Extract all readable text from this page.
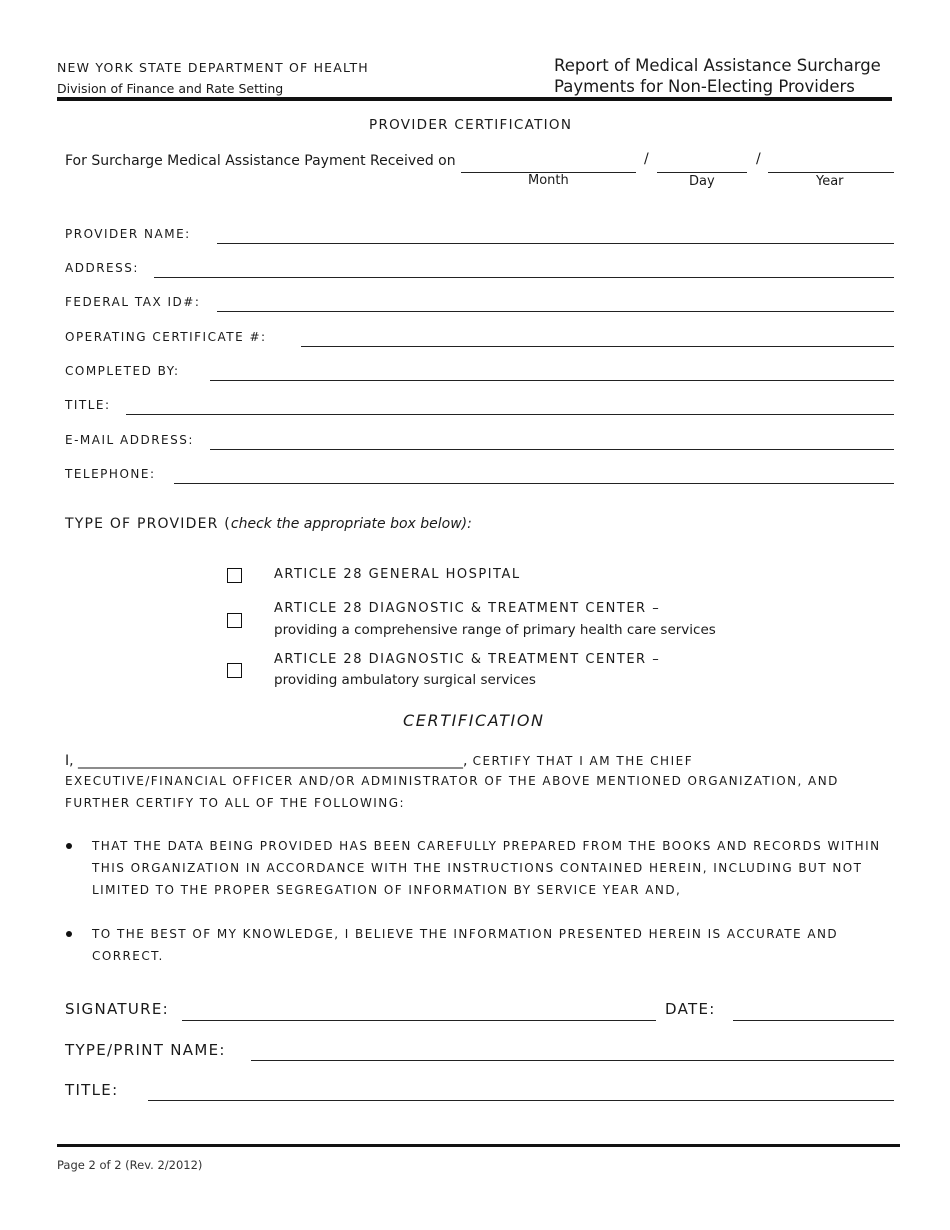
NEW YORK STATE DEPARTMENT OF HEALTH
Division of Finance and Rate Setting
Report of Medical Assistance Surcharge
Payments for Non-Electing Providers
PROVIDER CERTIFICATION
For Surcharge Medical Assistance Payment Received on	/	/
Month	Day	Year
PROVIDER NAME:
ADDRESS:
FEDERAL TAX ID#:
OPERATING CERTIFICATE #:
COMPLETED BY:
TITLE:
E-MAIL ADDRESS:
TELEPHONE:
TYPE OF PROVIDER (check the appropriate box below):
ARTICLE 28 GENERAL HOSPITAL
ARTICLE 28 DIAGNOSTIC & TREATMENT CENTER –
providing a comprehensive range of primary health care services
ARTICLE 28 DIAGNOSTIC & TREATMENT CENTER –
providing ambulatory surgical services
CERTIFICATION
I, _______________________________________________________, CERTIFY THAT I AM THE CHIEF
EXECUTIVE/FINANCIAL OFFICER AND/OR ADMINISTRATOR OF THE ABOVE MENTIONED ORGANIZATION, AND
FURTHER CERTIFY TO ALL OF THE FOLLOWING:
THAT THE DATA BEING PROVIDED HAS BEEN CAREFULLY PREPARED FROM THE BOOKS AND RECORDS WITHIN
THIS ORGANIZATION IN ACCORDANCE WITH THE INSTRUCTIONS CONTAINED HEREIN, INCLUDING BUT NOT
LIMITED TO THE PROPER SEGREGATION OF INFORMATION BY SERVICE YEAR AND,
TO THE BEST OF MY KNOWLEDGE, I BELIEVE THE INFORMATION PRESENTED HEREIN IS ACCURATE AND
CORRECT.
SIGNATURE:	DATE:
TYPE/PRINT NAME:
TITLE:
Page 2 of 2 (Rev. 2/2012)
